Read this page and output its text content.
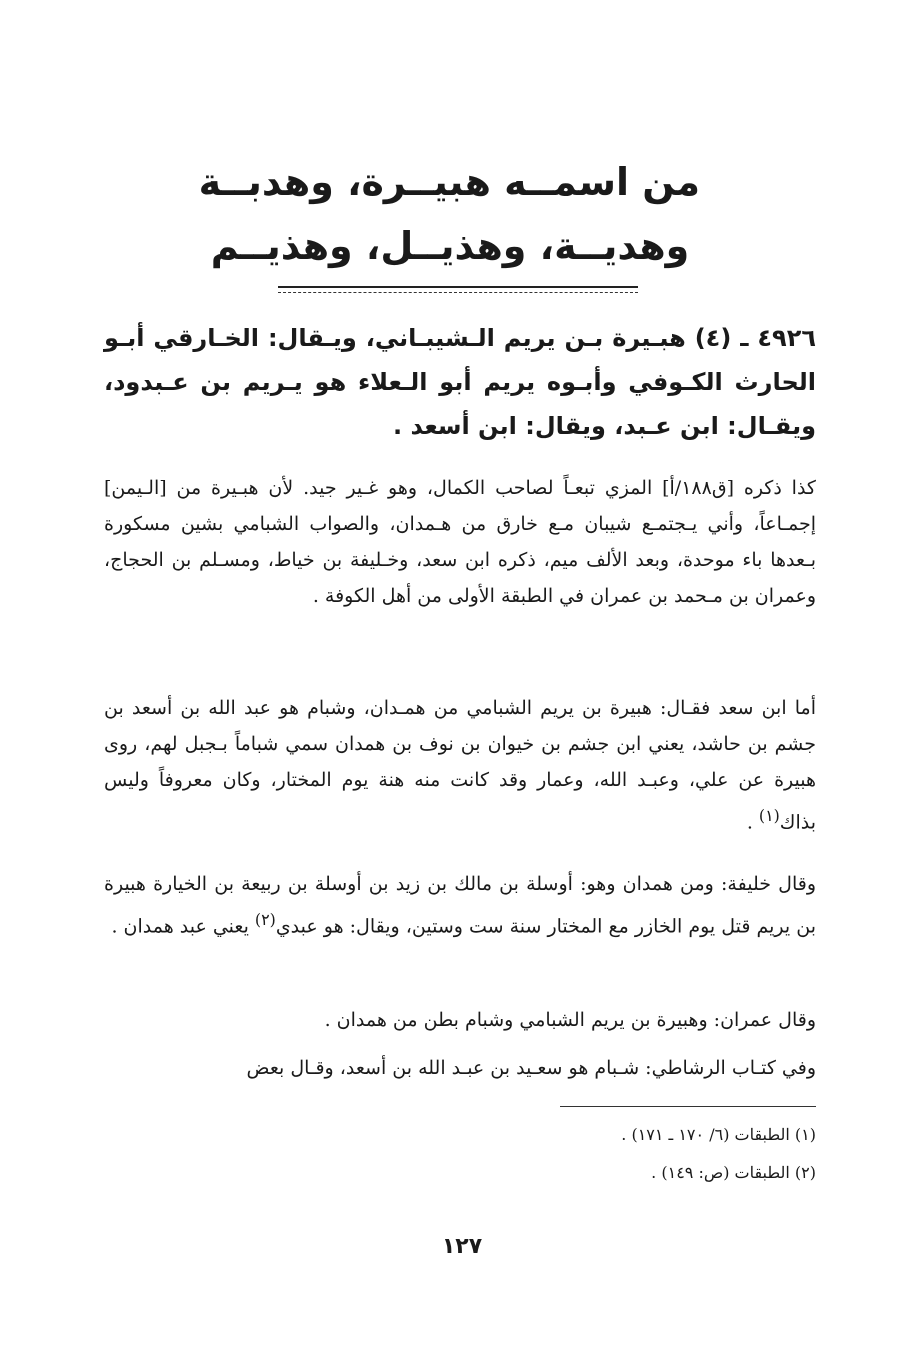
من اسمــه هبيــرة، وهدبــة
وهديــة، وهذيــل، وهذيــم
٤٩٢٦ ـ (٤) هبـيرة بـن يريم الـشيبـاني، ويـقال: الخـارقي أبـو الحارث الكـوفي وأبـوه يريم أبو الـعلاء هو يـريم بن عـبدود، ويقـال: ابن عـبد، ويقال: ابن أسعد .
كذا ذكره [ق١٨٨/أ] المزي تبعـاً لصاحب الكمال، وهو غـير جيد. لأن هبـيرة من [الـيمن] إجمـاعاً، وأني يـجتمـع شيبان مـع خارق من هـمدان، والصواب الشبامي بشين مسكورة بـعدها باء موحدة، وبعد الألف ميم، ذكره ابن سعد، وخـليفة بن خياط، ومسـلم بن الحجاج، وعمران بن مـحمد بن عمران في الطبقة الأولى من أهل الكوفة .
أما ابن سعد فقـال: هبيرة بن يريم الشبامي من همـدان، وشبام هو عبد الله بن أسعد بن جشم بن حاشد، يعني ابن جشم بن خيوان بن نوف بن همدان سمي شباماً بـجبل لهم، روى هبيرة عن علي، وعبـد الله، وعمار وقد كانت منه هنة يوم المختار، وكان معروفاً وليس بذاك$^{(١)}$ .
وقال خليفة: ومن همدان وهو: أوسلة بن مالك بن زيد بن أوسلة بن ربيعة بن الخيارة هبيرة بن يريم قتل يوم الخازر مع المختار سنة ست وستين، ويقال: هو عبدي$^{(٢)}$ يعني عبد همدان .
وقال عمران: وهبيرة بن يريم الشبامي وشبام بطن من همدان .
وفي كتـاب الرشاطي: شـبام هو سعـيد بن عبـد الله بن أسعد، وقـال بعض
(١) الطبقات (٦/ ١٧٠ ـ ١٧١) .
(٢) الطبقات (ص: ١٤٩) .
١٢٧
